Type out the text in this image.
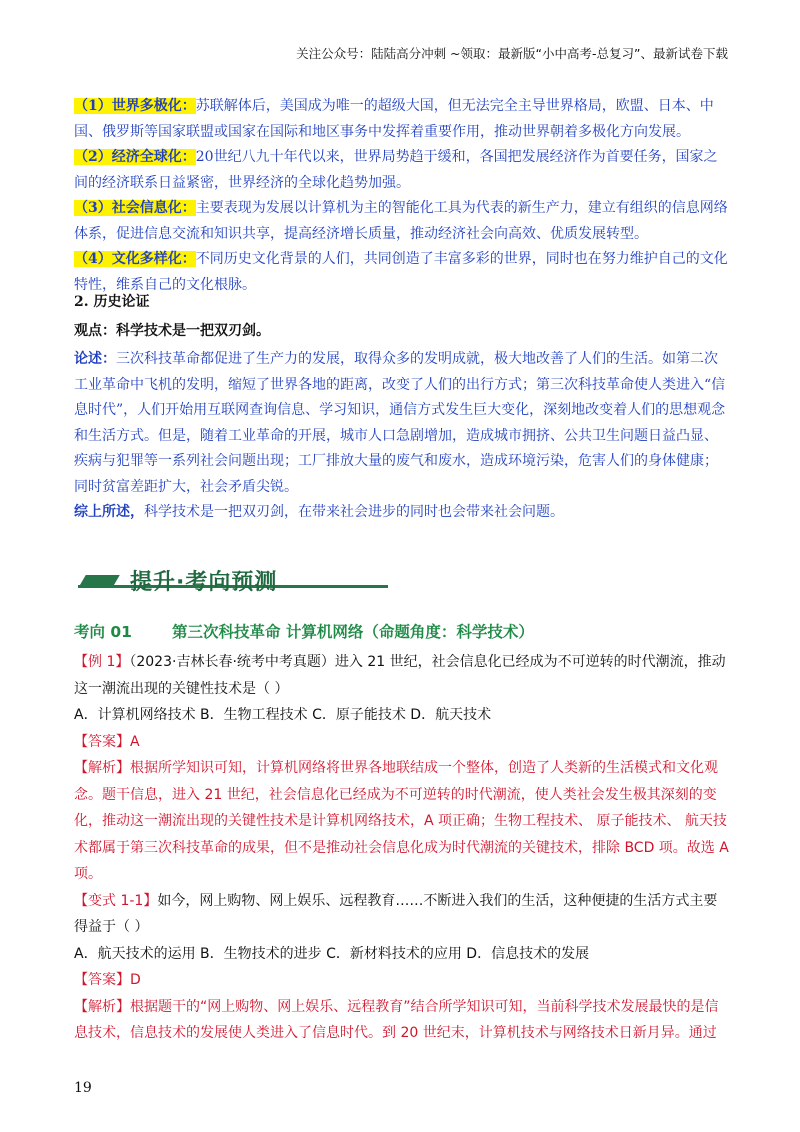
关注公众号：陆陆高分冲刺 ~领取：最新版“小中高考-总复习”、最新试卷下载

（1）世界多极化：苏联解体后，美国成为唯一的超级大国，但无法完全主导世界格局，欧盟、日本、中国、俄罗斯等国家联盟或国家在国际和地区事务中发挥着重要作用，推动世界朝着多极化方向发展。

（2）经济全球化：20世纪八九十年代以来，世界局势趋于缓和，各国把发展经济作为首要任务，国家之间的经济联系日益紧密，世界经济的全球化趋势加强。

（3）社会信息化：主要表现为发展以计算机为主的智能化工具为代表的新生产力，建立有组织的信息网络体系，促进信息交流和知识共享，提高经济增长质量，推动经济社会向高效、优质发展转型。

（4）文化多样化：不同历史文化背景的人们，共同创造了丰富多彩的世界，同时也在努力维护自己的文化特性，维系自己的文化根脉。

2. 历史论证

观点：科学技术是一把双刃剑。

论述：三次科技革命都促进了生产力的发展，取得众多的发明成就，极大地改善了人们的生活。如第二次工业革命中飞机的发明，缩短了世界各地的距离，改变了人们的出行方式；第三次科技革命使人类进入“信息时代”，人们开始用互联网查询信息、学习知识，通信方式发生巨大变化，深刻地改变着人们的思想观念和生活方式。但是，随着工业革命的开展，城市人口急剧增加，造成城市拥挤、公共卫生问题日益凸显、疾病与犯罪等一系列社会问题出现；工厂排放大量的废气和废水，造成环境污染，危害人们的身体健康；同时贫富差距扩大，社会矛盾尖锐。

综上所述，科学技术是一把双刃剑，在带来社会进步的同时也会带来社会问题。

提升·考向预测
考向 01	第三次科技革命 计算机网络（命题角度：科学技术）

【例 1】（2023·吉林长春·统考中考真题）进入 21 世纪，社会信息化已经成为不可逆转的时代潮流，推动这一潮流出现的关键性技术是（ ）

A．计算机网络技术 B．生物工程技术 C．原子能技术 D．航天技术

【答案】A

【解析】根据所学知识可知，计算机网络将世界各地联结成一个整体，创造了人类新的生活模式和文化观念。题干信息，进入 21 世纪，社会信息化已经成为不可逆转的时代潮流，使人类社会发生极其深刻的变化，推动这一潮流出现的关键性技术是计算机网络技术，A 项正确；生物工程技术、 原子能技术、 航天技术都属于第三次科技革命的成果，但不是推动社会信息化成为时代潮流的关键技术，排除 BCD 项。故选 A 项。

【变式 1-1】如今，网上购物、网上娱乐、远程教育……不断进入我们的生活，这种便捷的生活方式主要得益于（ ）

A．航天技术的运用 B．生物技术的进步 C．新材料技术的应用 D．信息技术的发展

【答案】D

【解析】根据题干的“网上购物、网上娱乐、远程教育”结合所学知识可知，当前科学技术发展最快的是信息技术，信息技术的发展使人类进入了信息时代。到 20 世纪末，计算机技术与网络技术日新月异。通过

19
